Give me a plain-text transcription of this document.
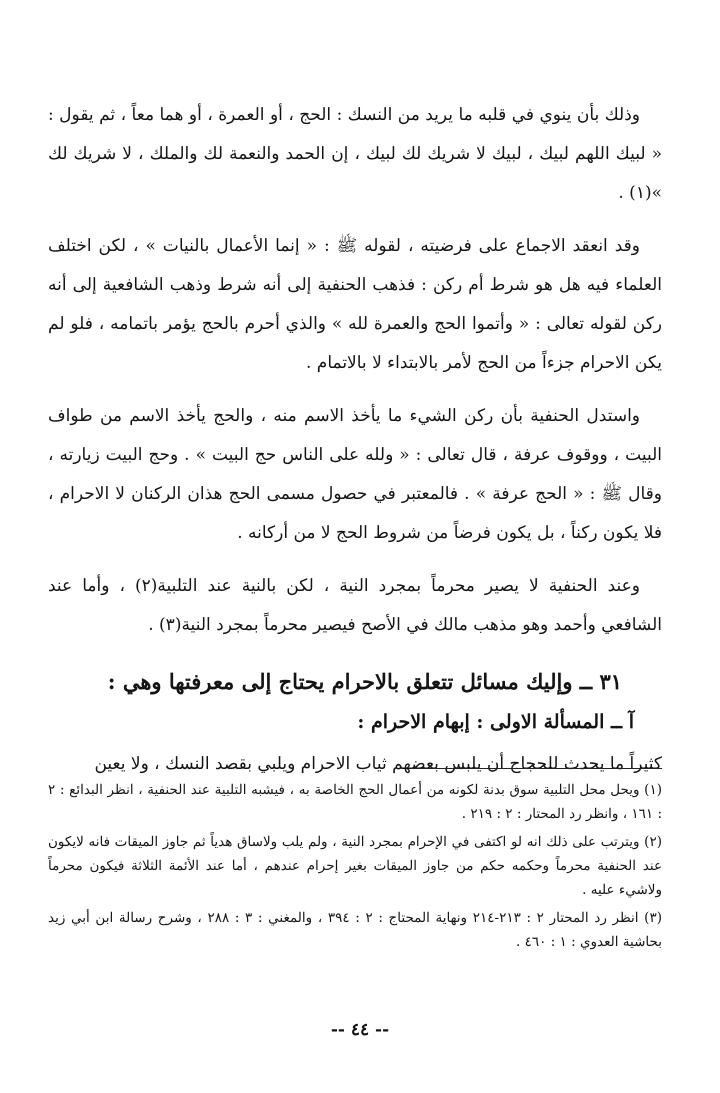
وذلك بأن ينوي في قلبه ما يريد من النسك : الحج ، أو العمرة ، أو هما معاً ، ثم يقول : « لبيك اللهم لبيك ، لبيك لا شريك لك لبيك ، إن الحمد والنعمة لك والملك ، لا شريك لك »(١) .

وقد انعقد الاجماع على فرضيته ، لقوله ﷺ : « إنما الأعمال بالنيات » ، لكن اختلف العلماء فيه هل هو شرط أم ركن : فذهب الحنفية إلى أنه شرط وذهب الشافعية إلى أنه ركن لقوله تعالى : « وأتموا الحج والعمرة لله » والذي أحرم بالحج يؤمر باتمامه ، فلو لم يكن الاحرام جزءاً من الحج لأمر بالابتداء لا بالاتمام .

واستدل الحنفية بأن ركن الشيء ما يأخذ الاسم منه ، والحج يأخذ الاسم من طواف البيت ، ووقوف عرفة ، قال تعالى : « ولله على الناس حج البيت » . وحج البيت زيارته ، وقال ﷺ : « الحج عرفة » . فالمعتبر في حصول مسمى الحج هذان الركنان لا الاحرام ، فلا يكون ركناً ، بل يكون فرضاً من شروط الحج لا من أركانه .

وعند الحنفية لا يصير محرماً بمجرد النية ، لكن بالنية عند التلبية(٢) ، وأما عند الشافعي وأحمد وهو مذهب مالك في الأصح فيصير محرماً بمجرد النية(٣) .

٣١ ــ وإليك مسائل تتعلق بالاحرام يحتاج إلى معرفتها وهي :
آ ــ المسألة الاولى : إبهام الاحرام :
كثيراً ما يحدث للحجاج أن يلبس بعضهم ثياب الاحرام ويلبي بقصد النسك ، ولا يعين

(١) ويحل محل التلبية سوق بدنة لكونه من أعمال الحج الخاصة به ، فيشبه التلبية عند الحنفية ، انظر البدائع : ٢ : ١٦١ ، وانظر رد المحتار : ٢ : ٢١٩ .

(٢) ويترتب على ذلك انه لو اكتفى في الإحرام بمجرد النية ، ولم يلب ولاساق هدياً ثم جاوز الميقات فانه لايكون عند الحنفية محرماً وحكمه حكم من جاوز الميقات بغير إحرام عندهم ، أما عند الأئمة الثلاثة فيكون محرماً ولاشيء عليه .

(٣) انظر رد المحتار ٢ : ٢١٣-٢١٤ ونهاية المحتاج : ٢ : ٣٩٤ ، والمغني : ٣ : ٢٨٨ ، وشرح رسالة ابن أبي زيد بحاشية العدوي : ١ : ٤٦٠ .

-- ٤٤ --
